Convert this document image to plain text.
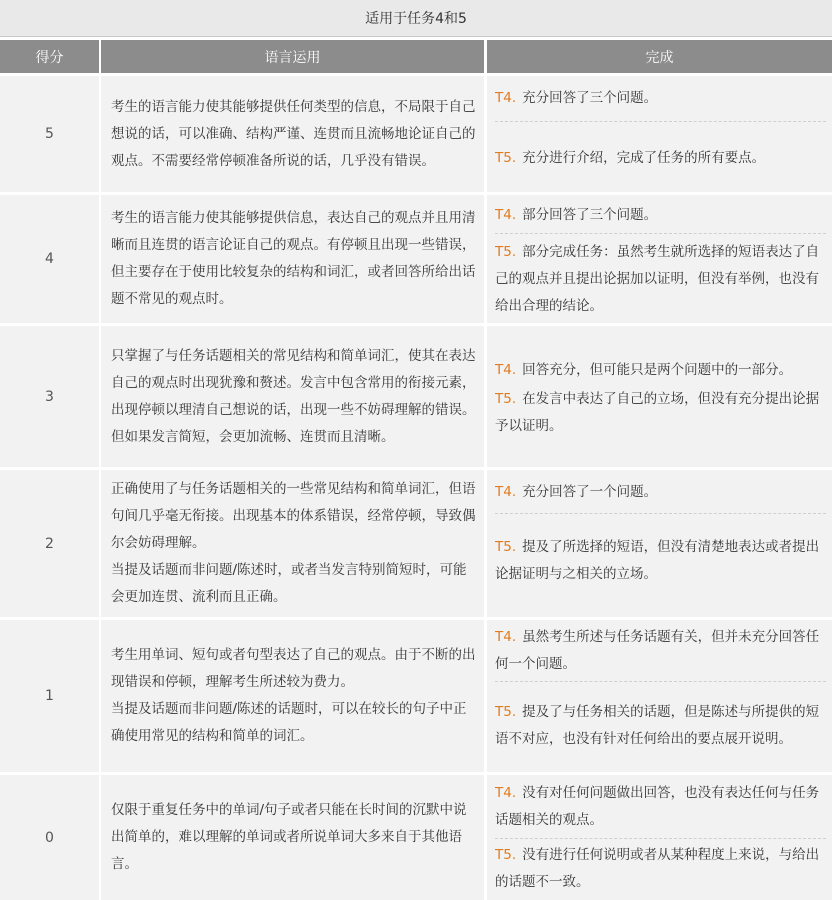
适用于任务4和5
得分	语言运用	完成
5

考生的语言能力使其能够提供任何类型的信息，不局限于自己想说的话，可以准确、结构严谨、连贯而且流畅地论证自己的观点。不需要经常停顿准备所说的话，几乎没有错误。

T4. 充分回答了三个问题。
T5. 充分进行介绍，完成了任务的所有要点。
4

考生的语言能力使其能够提供信息，表达自己的观点并且用清晰而且连贯的语言论证自己的观点。有停顿且出现一些错误，但主要存在于使用比较复杂的结构和词汇，或者回答所给出话题不常见的观点时。

T4. 部分回答了三个问题。
T5. 部分完成任务：虽然考生就所选择的短语表达了自己的观点并且提出论据加以证明，但没有举例，也没有给出合理的结论。
3

只掌握了与任务话题相关的常见结构和简单词汇，使其在表达自己的观点时出现犹豫和赘述。发言中包含常用的衔接元素，出现停顿以理清自己想说的话，出现一些不妨碍理解的错误。但如果发言简短，会更加流畅、连贯而且清晰。

T4. 回答充分，但可能只是两个问题中的一部分。
T5. 在发言中表达了自己的立场，但没有充分提出论据予以证明。
2

正确使用了与任务话题相关的一些常见结构和简单词汇，但语句间几乎毫无衔接。出现基本的体系错误，经常停顿，导致偶尔会妨碍理解。

当提及话题而非问题/陈述时，或者当发言特别简短时，可能会更加连贯、流利而且正确。

T4. 充分回答了一个问题。
T5. 提及了所选择的短语，但没有清楚地表达或者提出论据证明与之相关的立场。
1

考生用单词、短句或者句型表达了自己的观点。由于不断的出现错误和停顿，理解考生所述较为费力。

当提及话题而非问题/陈述的话题时，可以在较长的句子中正确使用常见的结构和简单的词汇。

T4. 虽然考生所述与任务话题有关，但并未充分回答任何一个问题。
T5. 提及了与任务相关的话题，但是陈述与所提供的短语不对应，也没有针对任何给出的要点展开说明。
0

仅限于重复任务中的单词/句子或者只能在长时间的沉默中说出简单的，难以理解的单词或者所说单词大多来自于其他语言。

T4. 没有对任何问题做出回答，也没有表达任何与任务话题相关的观点。
T5. 没有进行任何说明或者从某种程度上来说，与给出的话题不一致。
